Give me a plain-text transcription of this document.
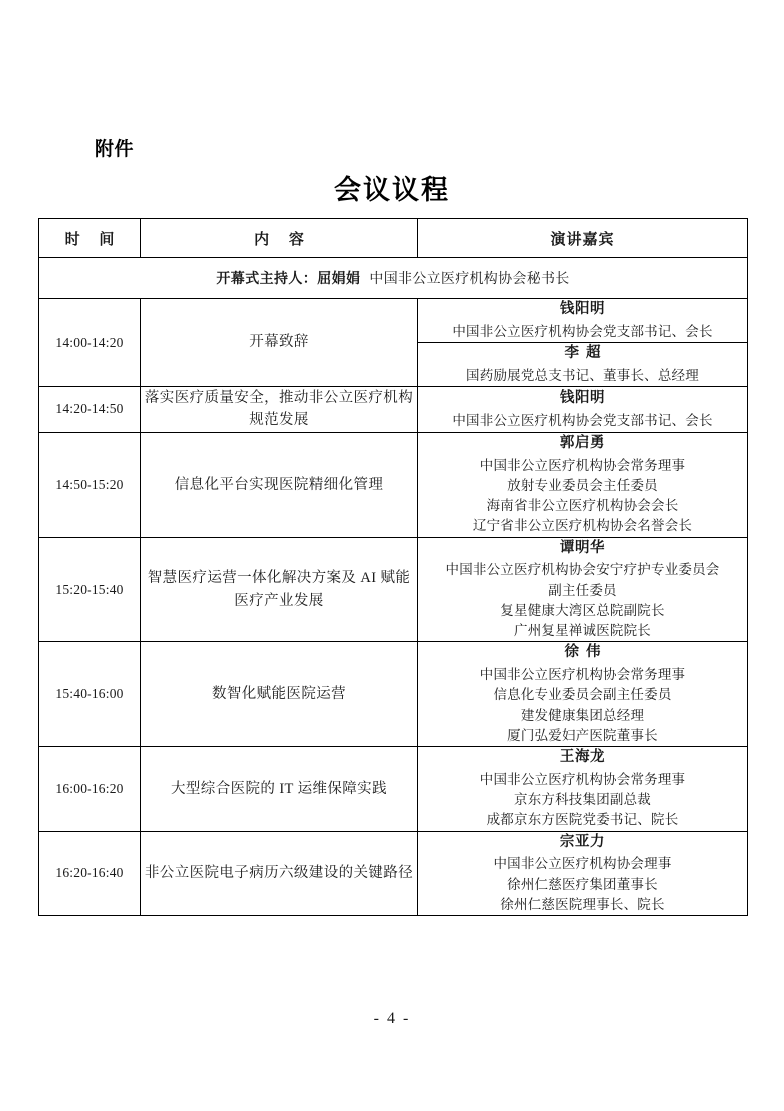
附件
会议议程
时 间	内 容	演讲嘉宾
开幕式主持人：屈娟娟 中国非公立医疗机构协会秘书长		
14:00-14:20	开幕致辞	钱阳明
中国非公立医疗机构协会党支部书记、会长

		李超
国药励展党总支书记、董事长、总经理

14:20-14:50	落实医疗质量安全，推动非公立医疗机构规范发展	钱阳明
中国非公立医疗机构协会党支部书记、会长

14:50-15:20	信息化平台实现医院精细化管理	郭启勇
中国非公立医疗机构协会常务理事
放射专业委员会主任委员
海南省非公立医疗机构协会会长
辽宁省非公立医疗机构协会名誉会长

15:20-15:40	智慧医疗运营一体化解决方案及 AI 赋能医疗产业发展	谭明华
中国非公立医疗机构协会安宁疗护专业委员会
副主任委员
复星健康大湾区总院副院长
广州复星禅诚医院院长

15:40-16:00	数智化赋能医院运营	徐伟
中国非公立医疗机构协会常务理事
信息化专业委员会副主任委员
建发健康集团总经理
厦门弘爱妇产医院董事长

16:00-16:20	大型综合医院的 IT 运维保障实践	王海龙
中国非公立医疗机构协会常务理事
京东方科技集团副总裁
成都京东方医院党委书记、院长

16:20-16:40	非公立医院电子病历六级建设的关键路径	宗亚力
中国非公立医疗机构协会理事
徐州仁慈医疗集团董事长
徐州仁慈医院理事长、院长
- 4 -
